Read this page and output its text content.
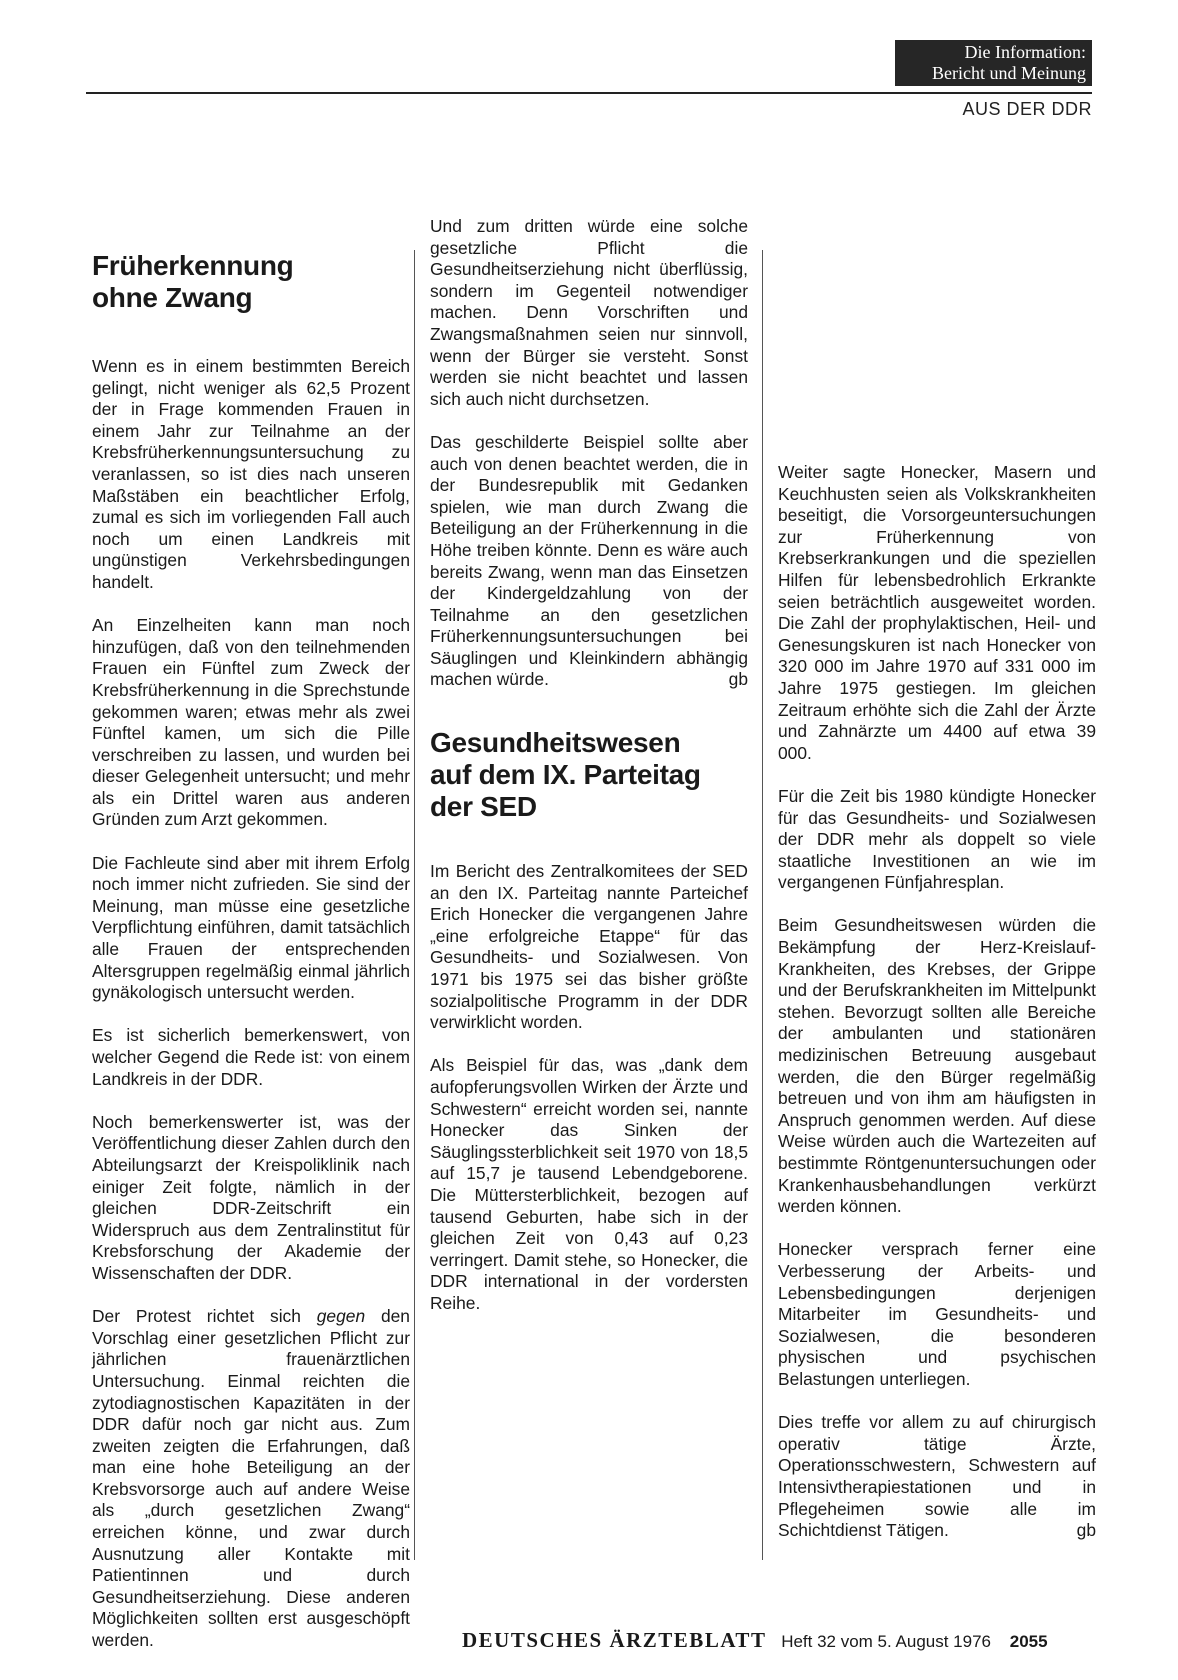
Die Information:
Bericht und Meinung
AUS DER DDR
Früherkennung
ohne Zwang

Wenn es in einem bestimmten Bereich gelingt, nicht weniger als 62,5 Prozent der in Frage kommenden Frauen in einem Jahr zur Teilnahme an der Krebsfrüherkennungsuntersuchung zu veranlassen, so ist dies nach unseren Maßstäben ein beachtlicher Erfolg, zumal es sich im vorliegenden Fall auch noch um einen Landkreis mit ungünstigen Verkehrsbedingungen handelt.

An Einzelheiten kann man noch hinzufügen, daß von den teilnehmenden Frauen ein Fünftel zum Zweck der Krebsfrüherkennung in die Sprechstunde gekommen waren; etwas mehr als zwei Fünftel kamen, um sich die Pille verschreiben zu lassen, und wurden bei dieser Gelegenheit untersucht; und mehr als ein Drittel waren aus anderen Gründen zum Arzt gekommen.

Die Fachleute sind aber mit ihrem Erfolg noch immer nicht zufrieden. Sie sind der Meinung, man müsse eine gesetzliche Verpflichtung einführen, damit tatsächlich alle Frauen der entsprechenden Altersgruppen regelmäßig einmal jährlich gynäkologisch untersucht werden.

Es ist sicherlich bemerkenswert, von welcher Gegend die Rede ist: von einem Landkreis in der DDR.

Noch bemerkenswerter ist, was der Veröffentlichung dieser Zahlen durch den Abteilungsarzt der Kreispoliklinik nach einiger Zeit folgte, nämlich in der gleichen DDR-Zeitschrift ein Widerspruch aus dem Zentralinstitut für Krebsforschung der Akademie der Wissenschaften der DDR.

Der Protest richtet sich gegen den Vorschlag einer gesetzlichen Pflicht zur jährlichen frauenärztlichen Untersuchung. Einmal reichten die zytodiagnostischen Kapazitäten in der DDR dafür noch gar nicht aus. Zum zweiten zeigten die Erfahrungen, daß man eine hohe Beteiligung an der Krebsvorsorge auch auf andere Weise als „durch gesetzlichen Zwang“ erreichen könne, und zwar durch Ausnutzung aller Kontakte mit Patientinnen und durch Gesundheitserziehung. Diese anderen Möglichkeiten sollten erst ausgeschöpft werden.

Und zum dritten würde eine solche gesetzliche Pflicht die Gesundheitserziehung nicht überflüssig, sondern im Gegenteil notwendiger machen. Denn Vorschriften und Zwangsmaßnahmen seien nur sinnvoll, wenn der Bürger sie versteht. Sonst werden sie nicht beachtet und lassen sich auch nicht durchsetzen.

Das geschilderte Beispiel sollte aber auch von denen beachtet werden, die in der Bundesrepublik mit Gedanken spielen, wie man durch Zwang die Beteiligung an der Früherkennung in die Höhe treiben könnte. Denn es wäre auch bereits Zwang, wenn man das Einsetzen der Kindergeldzahlung von der Teilnahme an den gesetzlichen Früherkennungsuntersuchungen bei Säuglingen und Kleinkindern abhängig machen würde.	gb

Gesundheitswesen
auf dem IX. Parteitag
der SED

Im Bericht des Zentralkomitees der SED an den IX. Parteitag nannte Parteichef Erich Honecker die vergangenen Jahre „eine erfolgreiche Etappe“ für das Gesundheits- und Sozialwesen. Von 1971 bis 1975 sei das bisher größte sozialpolitische Programm in der DDR verwirklicht worden.

Als Beispiel für das, was „dank dem aufopferungsvollen Wirken der Ärzte und Schwestern“ erreicht worden sei, nannte Honecker das Sinken der Säuglingssterblichkeit seit 1970 von 18,5 auf 15,7 je tausend Lebendgeborene. Die Müttersterblichkeit, bezogen auf tausend Geburten, habe sich in der gleichen Zeit von 0,43 auf 0,23 verringert. Damit stehe, so Honecker, die DDR international in der vordersten Reihe.

Weiter sagte Honecker, Masern und Keuchhusten seien als Volkskrankheiten beseitigt, die Vorsorgeuntersuchungen zur Früherkennung von Krebserkrankungen und die speziellen Hilfen für lebensbedrohlich Erkrankte seien beträchtlich ausgeweitet worden. Die Zahl der prophylaktischen, Heil- und Genesungskuren ist nach Honecker von 320 000 im Jahre 1970 auf 331 000 im Jahre 1975 gestiegen. Im gleichen Zeitraum erhöhte sich die Zahl der Ärzte und Zahnärzte um 4400 auf etwa 39 000.

Für die Zeit bis 1980 kündigte Honecker für das Gesundheits- und Sozialwesen der DDR mehr als doppelt so viele staatliche Investitionen an wie im vergangenen Fünfjahresplan.

Beim Gesundheitswesen würden die Bekämpfung der Herz-Kreislauf-Krankheiten, des Krebses, der Grippe und der Berufskrankheiten im Mittelpunkt stehen. Bevorzugt sollten alle Bereiche der ambulanten und stationären medizinischen Betreuung ausgebaut werden, die den Bürger regelmäßig betreuen und von ihm am häufigsten in Anspruch genommen werden. Auf diese Weise würden auch die Wartezeiten auf bestimmte Röntgenuntersuchungen oder Krankenhausbehandlungen verkürzt werden können.

Honecker versprach ferner eine Verbesserung der Arbeits- und Lebensbedingungen derjenigen Mitarbeiter im Gesundheits- und Sozialwesen, die besonderen physischen und psychischen Belastungen unterliegen.

Dies treffe vor allem zu auf chirurgisch operativ tätige Ärzte, Operationsschwestern, Schwestern auf Intensivtherapiestationen und in Pflegeheimen sowie alle im Schichtdienst Tätigen.	gb

DEUTSCHES ÄRZTEBLATT Heft 32 vom 5. August 1976 2055
